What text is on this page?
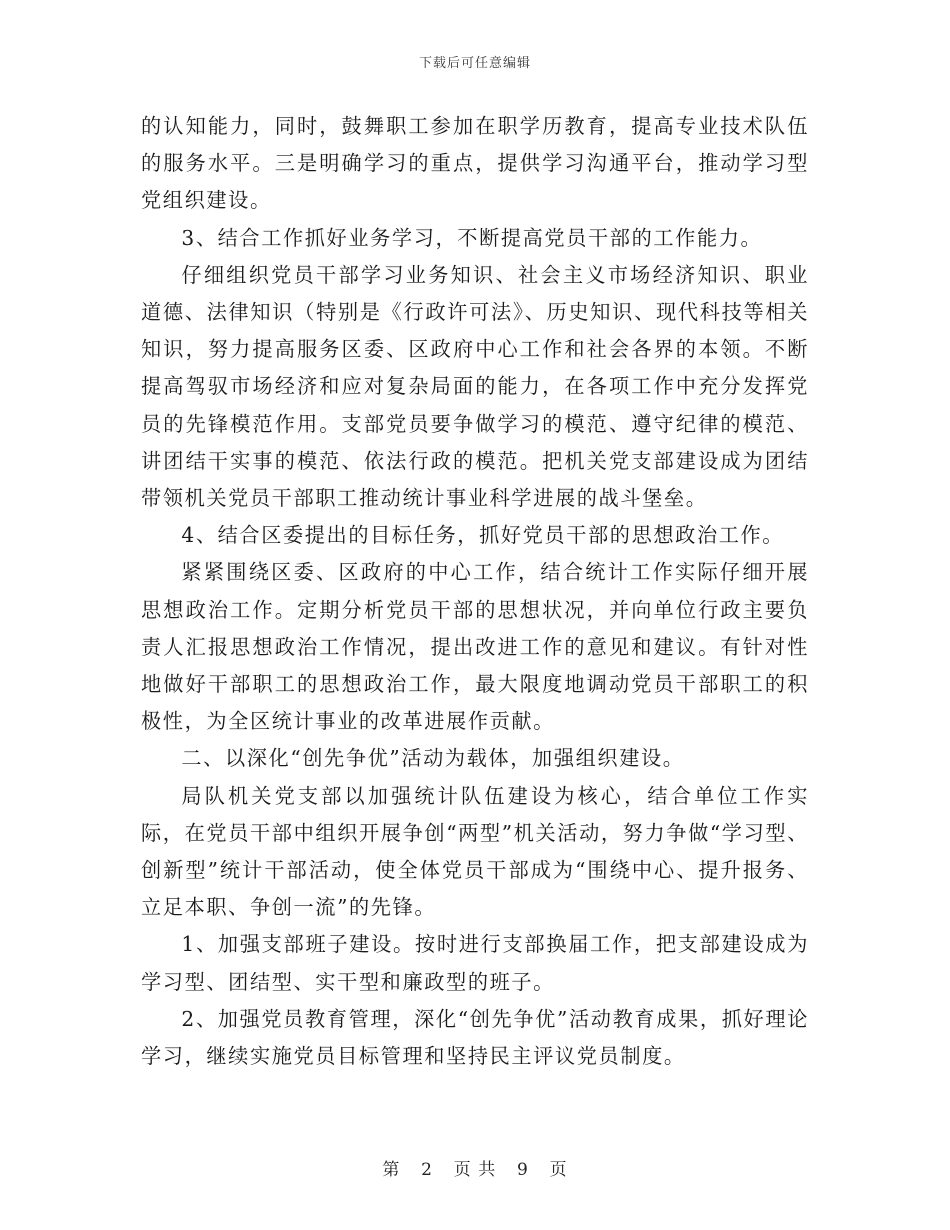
下载后可任意编辑

的认知能力，同时，鼓舞职工参加在职学历教育，提高专业技术队伍的服务水平。三是明确学习的重点，提供学习沟通平台，推动学习型党组织建设。

3、结合工作抓好业务学习，不断提高党员干部的工作能力。

仔细组织党员干部学习业务知识、社会主义市场经济知识、职业道德、法律知识（特别是《行政许可法》、历史知识、现代科技等相关知识，努力提高服务区委、区政府中心工作和社会各界的本领。不断提高驾驭市场经济和应对复杂局面的能力，在各项工作中充分发挥党员的先锋模范作用。支部党员要争做学习的模范、遵守纪律的模范、讲团结干实事的模范、依法行政的模范。把机关党支部建设成为团结带领机关党员干部职工推动统计事业科学进展的战斗堡垒。

4、结合区委提出的目标任务，抓好党员干部的思想政治工作。

紧紧围绕区委、区政府的中心工作，结合统计工作实际仔细开展思想政治工作。定期分析党员干部的思想状况，并向单位行政主要负责人汇报思想政治工作情况，提出改进工作的意见和建议。有针对性地做好干部职工的思想政治工作，最大限度地调动党员干部职工的积极性，为全区统计事业的改革进展作贡献。

二、以深化“创先争优”活动为载体，加强组织建设。

局队机关党支部以加强统计队伍建设为核心，结合单位工作实际，在党员干部中组织开展争创“两型”机关活动，努力争做“学习型、创新型”统计干部活动，使全体党员干部成为“围绕中心、提升报务、立足本职、争创一流”的先锋。

1、加强支部班子建设。按时进行支部换届工作，把支部建设成为学习型、团结型、实干型和廉政型的班子。

2、加强党员教育管理，深化“创先争优”活动教育成果，抓好理论学习，继续实施党员目标管理和坚持民主评议党员制度。

第 2 页 共 9 页
